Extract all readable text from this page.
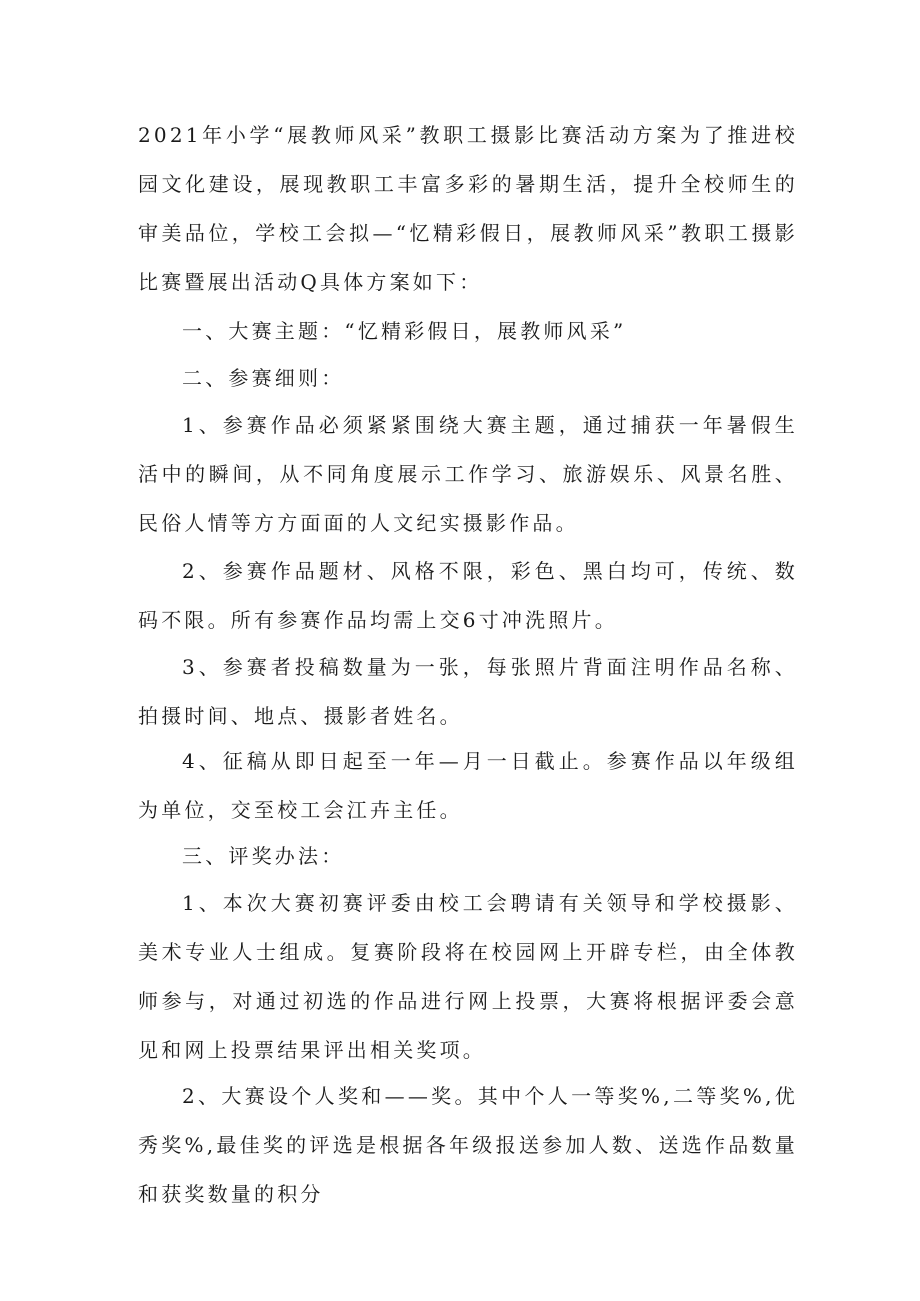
2021年小学“展教师风采”教职工摄影比赛活动方案为了推进校园文化建设，展现教职工丰富多彩的暑期生活，提升全校师生的审美品位，学校工会拟—“忆精彩假日，展教师风采”教职工摄影比赛暨展出活动Q具体方案如下：

一、大赛主题：“忆精彩假日，展教师风采”

二、参赛细则：

1、参赛作品必须紧紧围绕大赛主题，通过捕获一年暑假生活中的瞬间，从不同角度展示工作学习、旅游娱乐、风景名胜、民俗人情等方方面面的人文纪实摄影作品。

2、参赛作品题材、风格不限，彩色、黑白均可，传统、数码不限。所有参赛作品均需上交6寸冲洗照片。

3、参赛者投稿数量为一张，每张照片背面注明作品名称、拍摄时间、地点、摄影者姓名。

4、征稿从即日起至一年—月一日截止。参赛作品以年级组为单位，交至校工会江卉主任。

三、评奖办法：

1、本次大赛初赛评委由校工会聘请有关领导和学校摄影、美术专业人士组成。复赛阶段将在校园网上开辟专栏，由全体教师参与，对通过初选的作品进行网上投票，大赛将根据评委会意见和网上投票结果评出相关奖项。

2、大赛设个人奖和——奖。其中个人一等奖%,二等奖%,优秀奖%,最佳奖的评选是根据各年级报送参加人数、送选作品数量和获奖数量的积分
